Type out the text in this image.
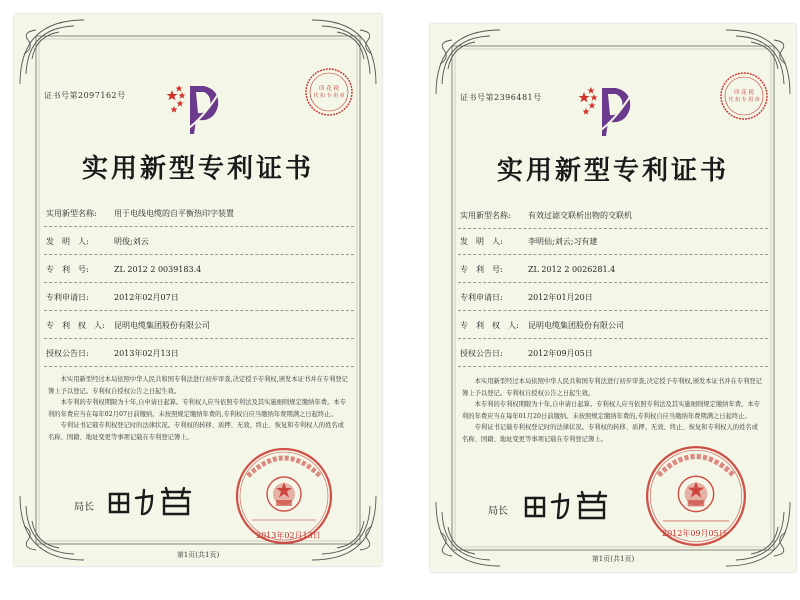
证书号第2097162号
印 花 税
代 扣 专 用 章
实用新型专利证书
实用新型名称: 用于电线电缆的自平衡热印字装置
发　明　人:	明俊;刘云
专　利　号:	ZL 2012 2 0039183.4
专利申请日:	2012年02月07日
专　利　权　人: 昆明电缆集团股份有限公司
授权公告日:	2013年02月13日

本实用新型经过本局依照中华人民共和国专利法进行初步审查,决定授予专利权,颁发本证书并在专利登记簿上予以登记。专利权自授权公告之日起生效。

本专利的专利权期限为十年,自申请日起算。专利权人应当依照专利法及其实施细则规定缴纳年费。本专利的年费应当在每年02月07日前缴纳。未按照规定缴纳年费的,专利权自应当缴纳年费期满之日起终止。

专利证书记载专利权登记时的法律状况。专利权的转移、质押、无效、终止、恢复和专利权人的姓名或名称、国籍、地址变更等事项记载在专利登记簿上。

局长
2013年02月13日
第1页(共1页)
证书号第2396481号	印 花 税
代 扣 专 用 章
实用新型专利证书
实用新型名称: 有效过滤交联析出物的交联机
发　明　人:	李明仙;刘云;习有建
专　利　号:	ZL 2012 2 0026281.4
专利申请日:	2012年01月20日
专　利　权　人: 昆明电缆集团股份有限公司
授权公告日:	2012年09月05日

本实用新型经过本局依照中华人民共和国专利法进行初步审查,决定授予专利权,颁发本证书并在专利登记簿上予以登记。专利权自授权公告之日起生效。

本专利的专利权期限为十年,自申请日起算。专利权人应当依照专利法及其实施细则规定缴纳年费。本专利的年费应当在每年01月20日前缴纳。未按照规定缴纳年费的,专利权自应当缴纳年费期满之日起终止。

专利证书记载专利权登记时的法律状况。专利权的转移、质押、无效、终止、恢复和专利权人的姓名或名称、国籍、地址变更等事项记载在专利登记簿上。

局长
2012年09月05日
第1页(共1页)
